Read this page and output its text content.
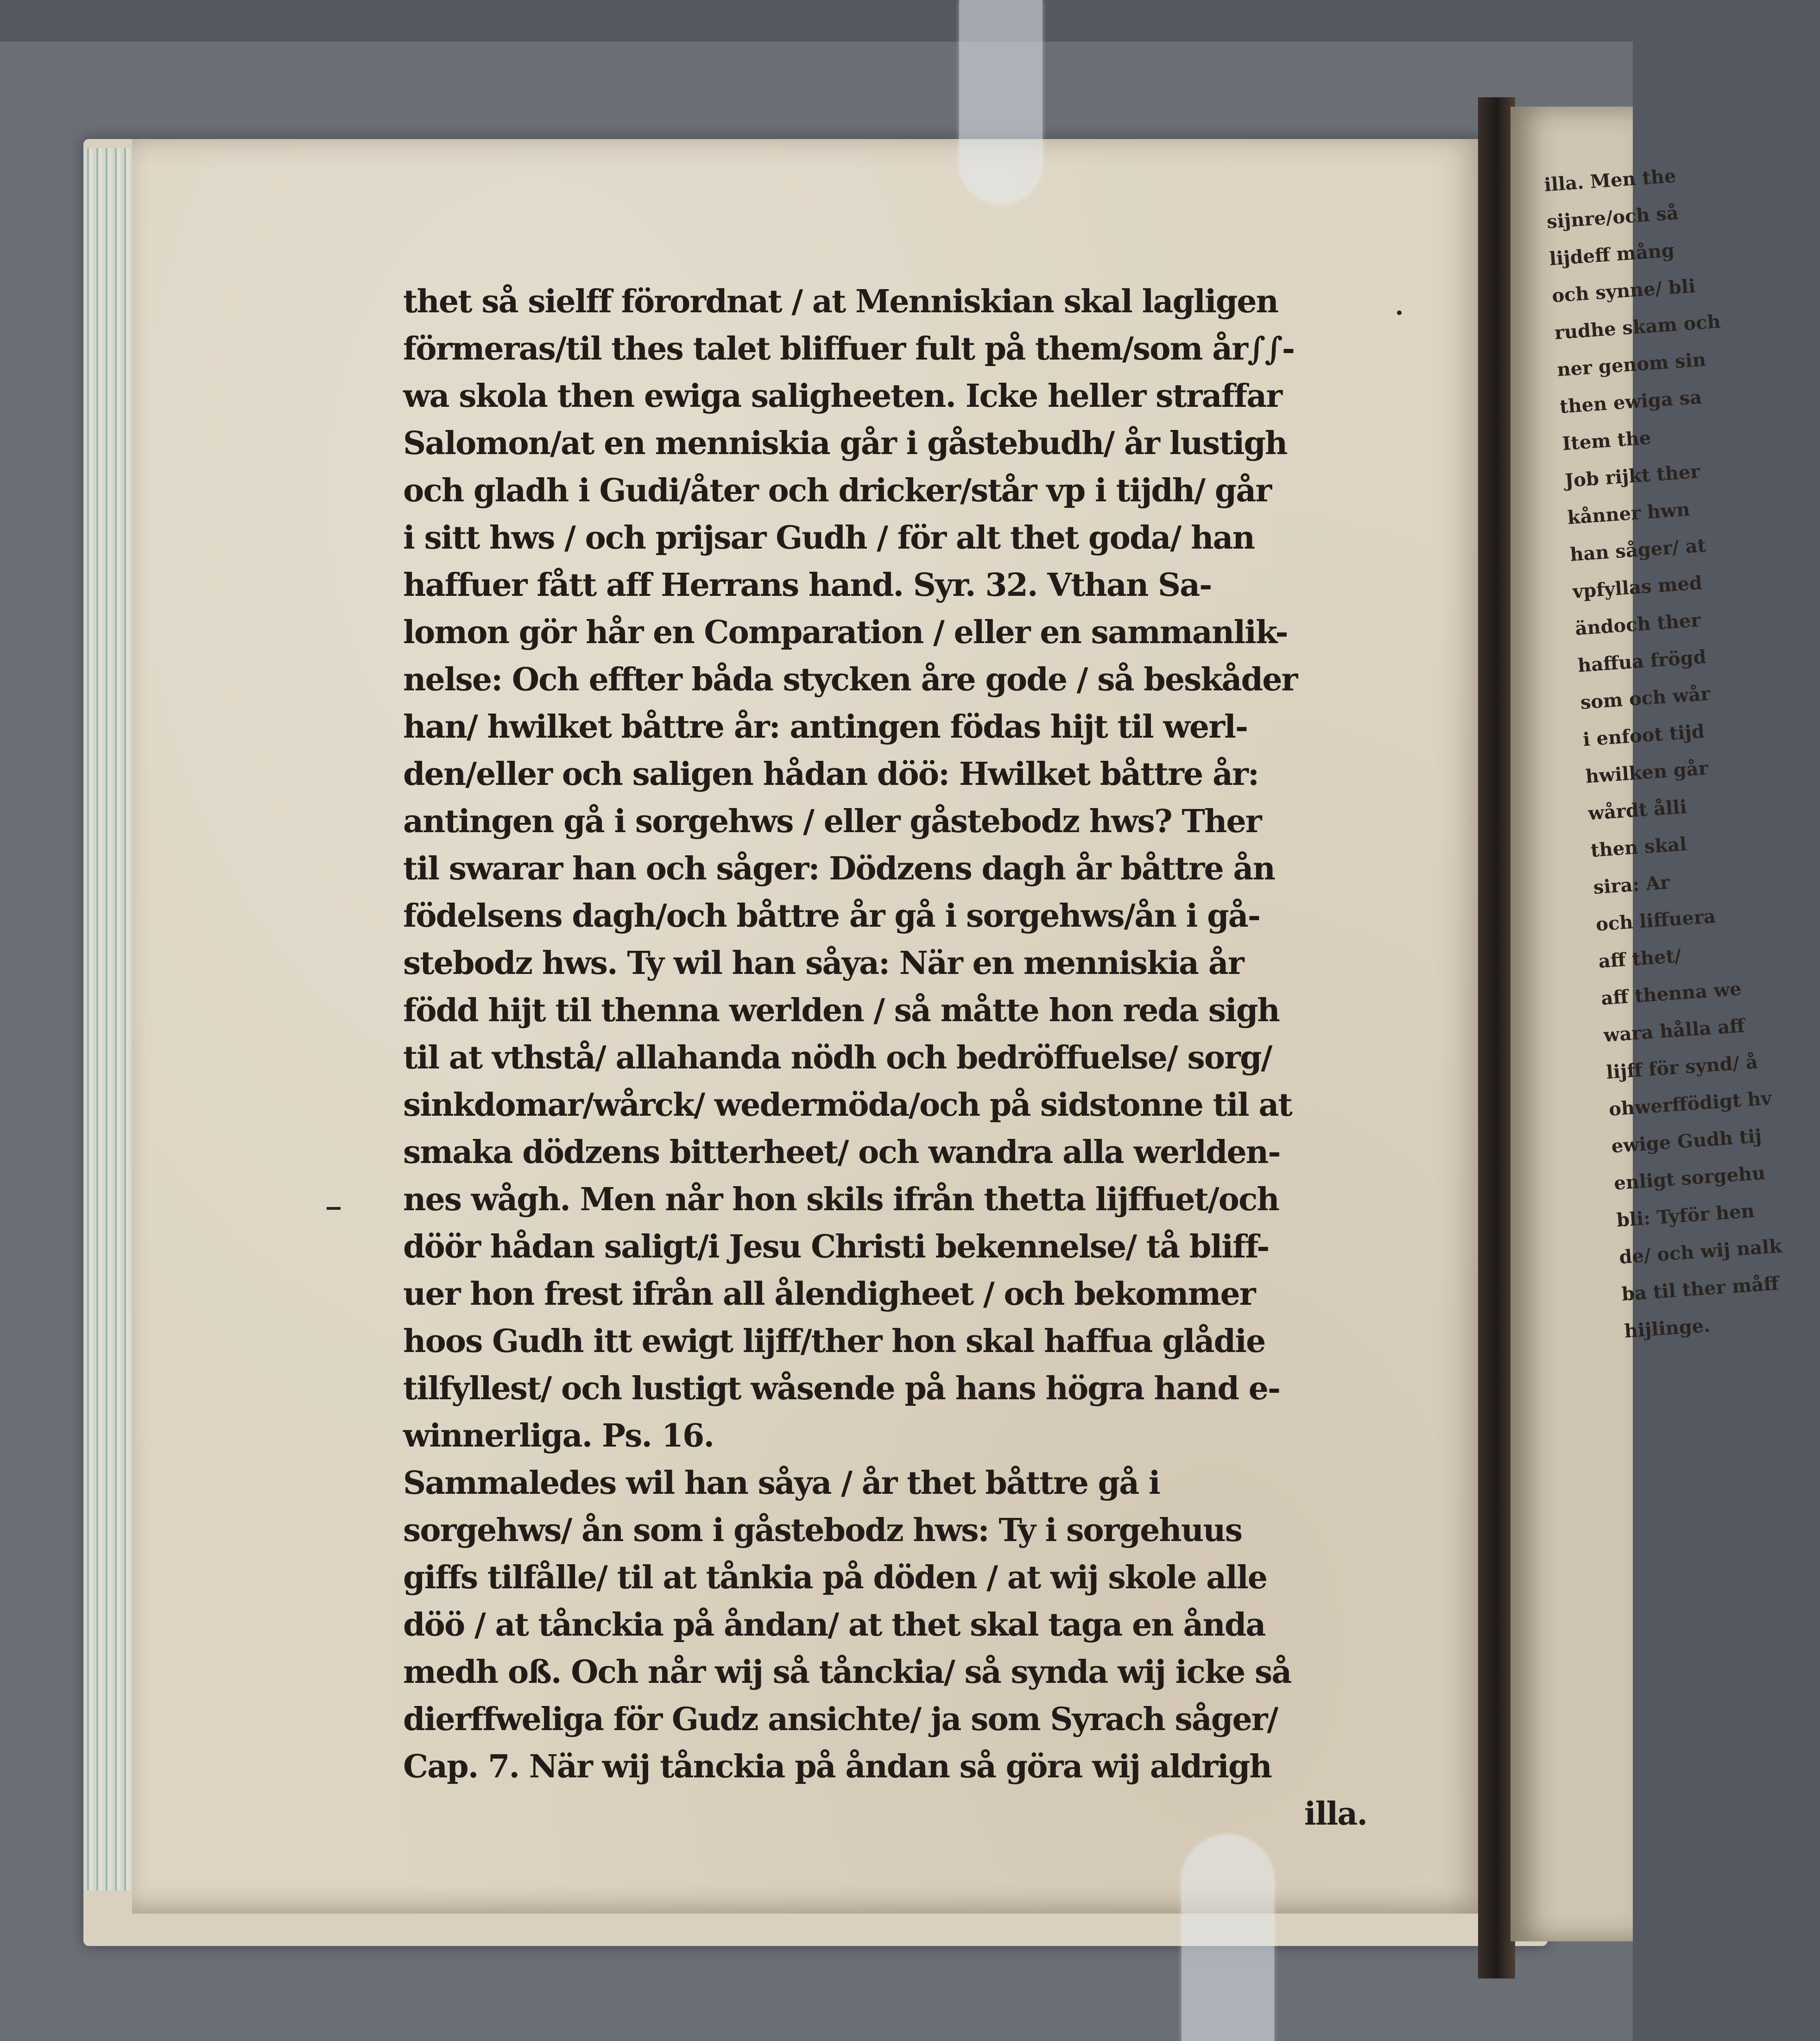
illa. Men the
sijnre/och så
lijdeff mång
och synne/ bli
rudhe skam och
ner genom sin
then ewiga sa
Item the
Job rijkt ther
kånner hwn
han såger/ at
vpfyllas med
ändoch ther
haffua frögd
som och wår
i enfoot tijd
hwilken går
wårdt ålli
then skal
sira: Ar
och liffuera
aff thet/
aff thenna we
wara hålla aff
lijff för synd/ å
ohwerffödigt hv
ewige Gudh tij
enligt sorgehu
bli: Tyför hen
de/ och wij nalk
ba til ther måff
hijlinge.
thet så sielff förordnat / at Menniskian skal lagligen
förmeras/til thes talet bliffuer fult på them/som år∫∫-
wa skola then ewiga saligheeten. Icke heller straffar
Salomon/at en menniskia går i gåstebudh/ år lustigh
och gladh i Gudi/åter och dricker/står vp i tijdh/ går
i sitt hws / och prijsar Gudh / för alt thet goda/ han
haffuer fått aff Herrans hand. Syr. 32. Vthan Sa-
lomon gör hår en Comparation / eller en sammanlik-
nelse: Och effter båda stycken åre gode / så beskåder
han/ hwilket båttre år: antingen födas hijt til werl-
den/eller och saligen hådan döö: Hwilket båttre år:
antingen gå i sorgehws / eller gåstebodz hws? Ther
til swarar han och såger: Dödzens dagh år båttre ån
födelsens dagh/och båttre år gå i sorgehws/ån i gå-
stebodz hws. Ty wil han såya: När en menniskia år
född hijt til thenna werlden / så måtte hon reda sigh
til at vthstå/ allahanda nödh och bedröffuelse/ sorg/
sinkdomar/wårck/ wedermöda/och på sidstonne til at
smaka dödzens bitterheet/ och wandra alla werlden-
nes wågh. Men når hon skils ifrån thetta lijffuet/och
döör hådan saligt/i Jesu Christi bekennelse/ tå bliff-
uer hon frest ifrån all ålendigheet / och bekommer
hoos Gudh itt ewigt lijff/ther hon skal haffua glådie
tilfyllest/ och lustigt wåsende på hans högra hand e-
winnerliga. Ps. 16.
Sammaledes wil han såya / år thet båttre gå i
sorgehws/ ån som i gåstebodz hws: Ty i sorgehuus
giffs tilfålle/ til at tånkia på döden / at wij skole alle
döö / at tånckia på åndan/ at thet skal taga en ånda
medh oß. Och når wij så tånckia/ så synda wij icke så
dierffweliga för Gudz ansichte/ ja som Syrach såger/
Cap. 7. När wij tånckia på åndan så göra wij aldrigh
illa.
